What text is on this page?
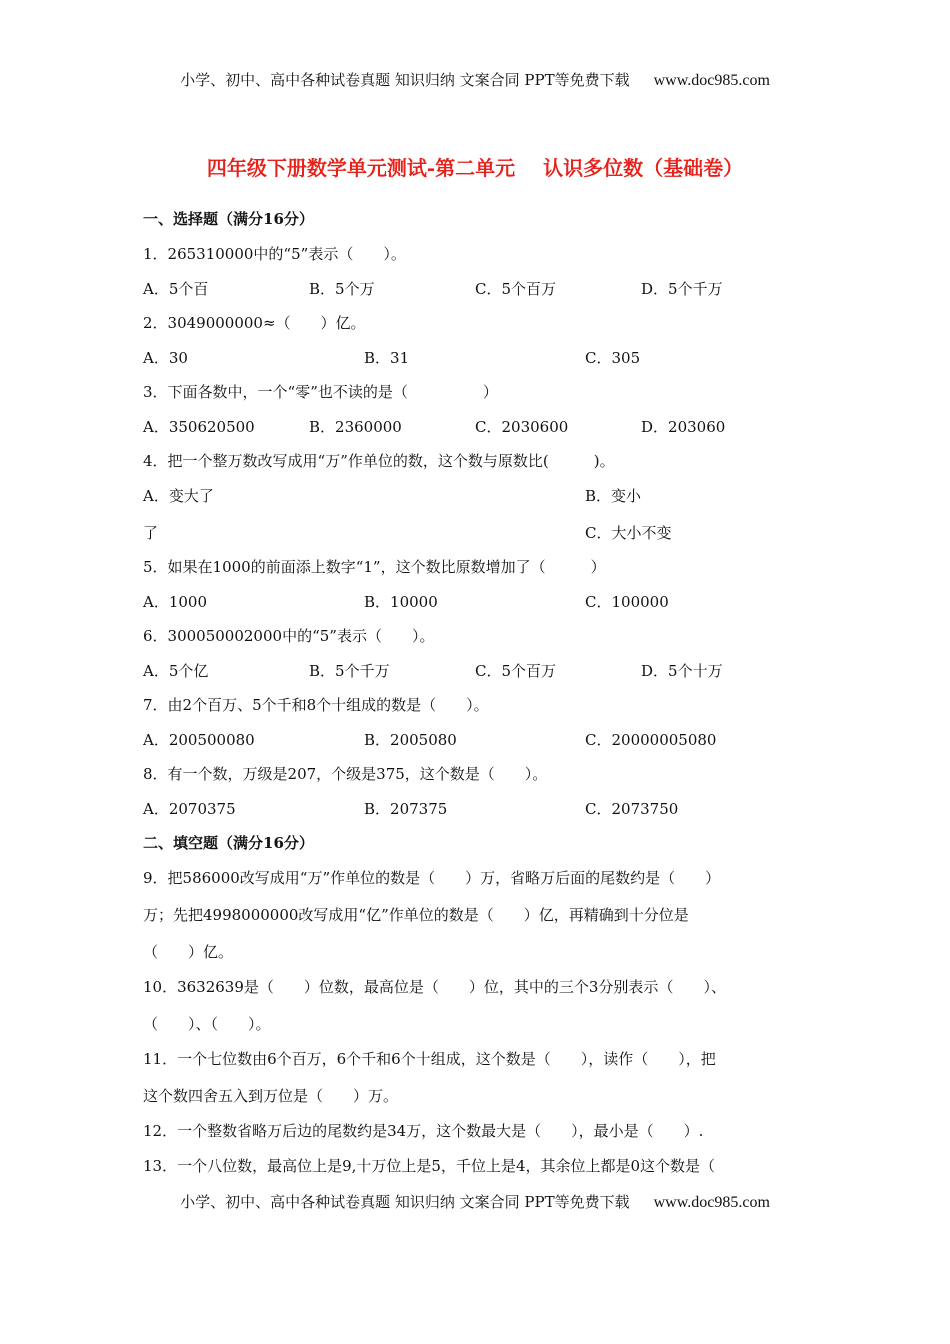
小学、初中、高中各种试卷真题 知识归纳 文案合同 PPT等免费下载 www.doc985.com
四年级下册数学单元测试-第二单元 认识多位数（基础卷）
一、选择题（满分16分）
1．265310000中的“5”表示（　　）。
A．5个百	B．5个万	C．5个百万	D．5个千万
2．3049000000≈（　　）亿。
A．30	B．31	C．305
3．下面各数中，一个“零”也不读的是（　　　　　）
A．350620500	B．2360000	C．2030600	D．203060
4．把一个整万数改写成用“万”作单位的数，这个数与原数比(　　　)。
A．变大了	B．变小
了	C．大小不变
5．如果在1000的前面添上数字“1”，这个数比原数增加了（　　　）
A．1000	B．10000	C．100000
6．300050002000中的“5”表示（　　）。
A．5个亿	B．5个千万	C．5个百万	D．5个十万
7．由2个百万、5个千和8个十组成的数是（　　）。
A．200500080	B．2005080	C．20000005080
8．有一个数，万级是207，个级是375，这个数是（　　）。
A．2070375	B．207375	C．2073750
二、填空题（满分16分）
9．把586000改写成用“万”作单位的数是（　　）万，省略万后面的尾数约是（　　）
万；先把4998000000改写成用“亿”作单位的数是（　　）亿，再精确到十分位是
（　　）亿。
10．3632639是（　　）位数，最高位是（　　）位，其中的三个3分别表示（　　）、
（　　）、（　　）。
11．一个七位数由6个百万，6个千和6个十组成，这个数是（　　），读作（　　），把
这个数四舍五入到万位是（　　）万。
12．一个整数省略万后边的尾数约是34万，这个数最大是（　　），最小是（　　）.
13．一个八位数，最高位上是9,十万位上是5，千位上是4，其余位上都是0这个数是（
小学、初中、高中各种试卷真题 知识归纳 文案合同 PPT等免费下载 www.doc985.com
